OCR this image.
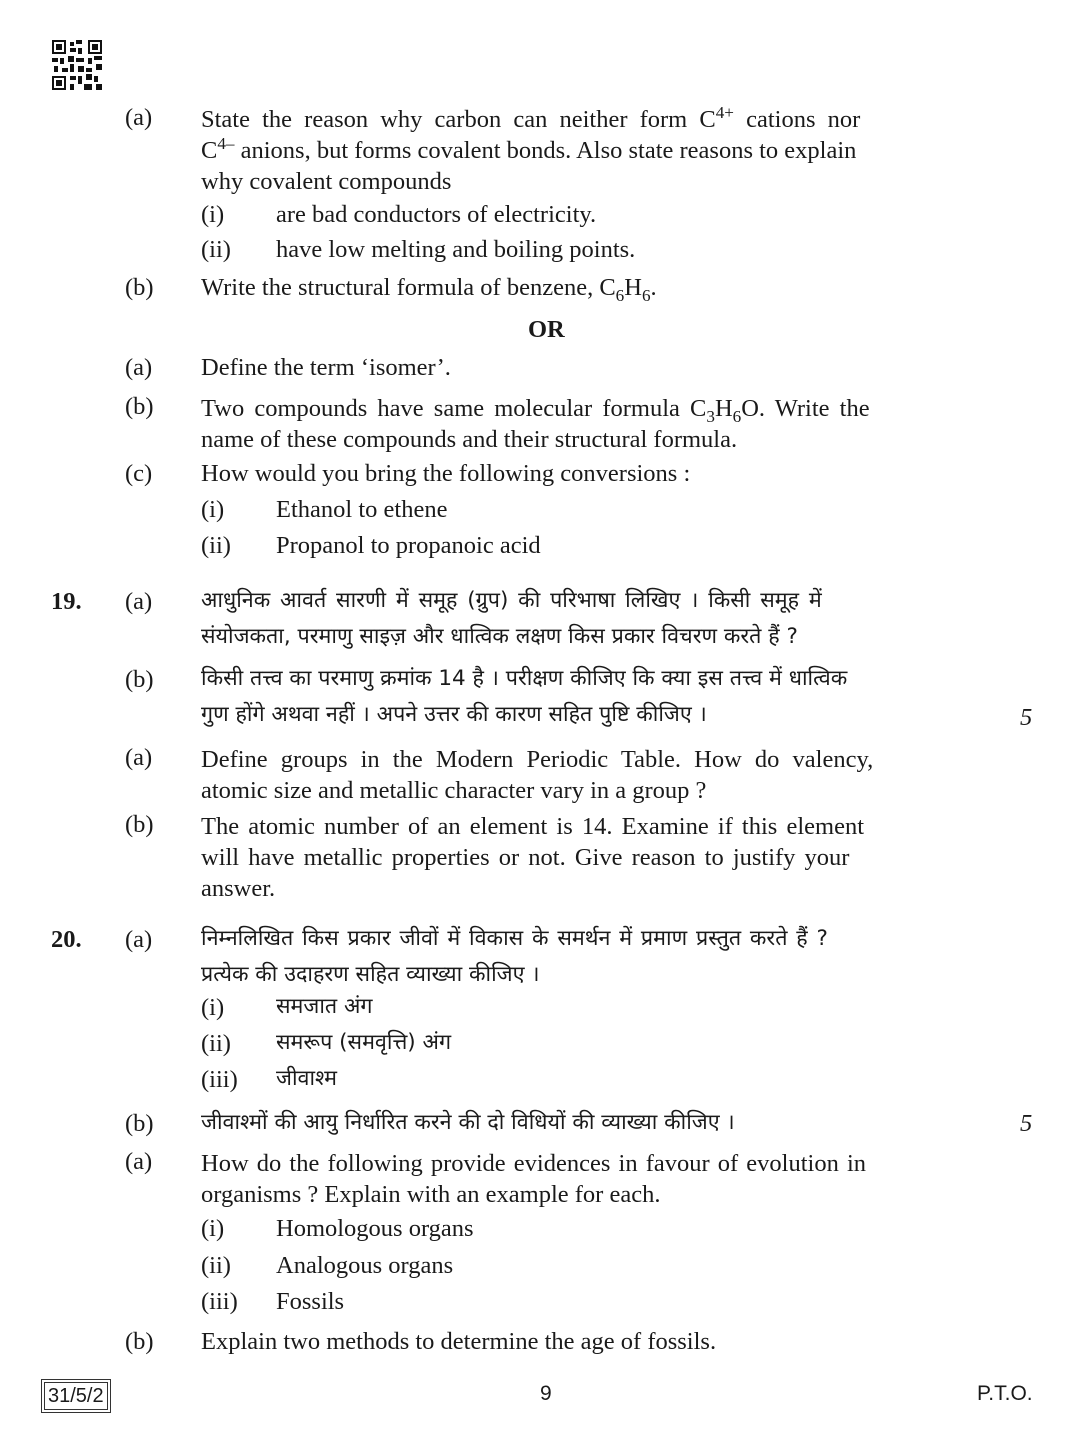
(a) State the reason why carbon can neither form $C^{4+}$ cations nor
$C^{4-}$ anions, but forms covalent bonds. Also state reasons to explain
why covalent compounds
(i) are bad conductors of electricity.
(ii) have low melting and boiling points.
(b) Write the structural formula of benzene, $C_6H_6$.
OR
(a) Define the term ‘isomer’.
(b) Two compounds have same molecular formula $C_3H_6O$. Write the
name of these compounds and their structural formula.
(c) How would you bring the following conversions :
(i) Ethanol to ethene
(ii) Propanol to propanoic acid
19. (a) आधुनिक आवर्त सारणी में समूह (ग्रुप) की परिभाषा लिखिए । किसी समूह में
संयोजकता, परमाणु साइज़ और धात्विक लक्षण किस प्रकार विचरण करते हैं ?
(b) किसी तत्त्व का परमाणु क्रमांक 14 है । परीक्षण कीजिए कि क्या इस तत्त्व में धात्विक
गुण होंगे अथवा नहीं । अपने उत्तर की कारण सहित पुष्टि कीजिए ।	5
(a) Define groups in the Modern Periodic Table. How do valency,
atomic size and metallic character vary in a group ?
(b) The atomic number of an element is 14. Examine if this element
will have metallic properties or not. Give reason to justify your
answer.
20. (a) निम्नलिखित किस प्रकार जीवों में विकास के समर्थन में प्रमाण प्रस्तुत करते हैं ?
प्रत्येक की उदाहरण सहित व्याख्या कीजिए ।
(i) समजात अंग
(ii) समरूप (समवृत्ति) अंग
(iii) जीवाश्म
(b) जीवाश्मों की आयु निर्धारित करने की दो विधियों की व्याख्या कीजिए ।	5
(a) How do the following provide evidences in favour of evolution in
organisms ? Explain with an example for each.
(i) Homologous organs
(ii) Analogous organs
(iii) Fossils
(b) Explain two methods to determine the age of fossils.
31/5/2	9	P.T.O.
